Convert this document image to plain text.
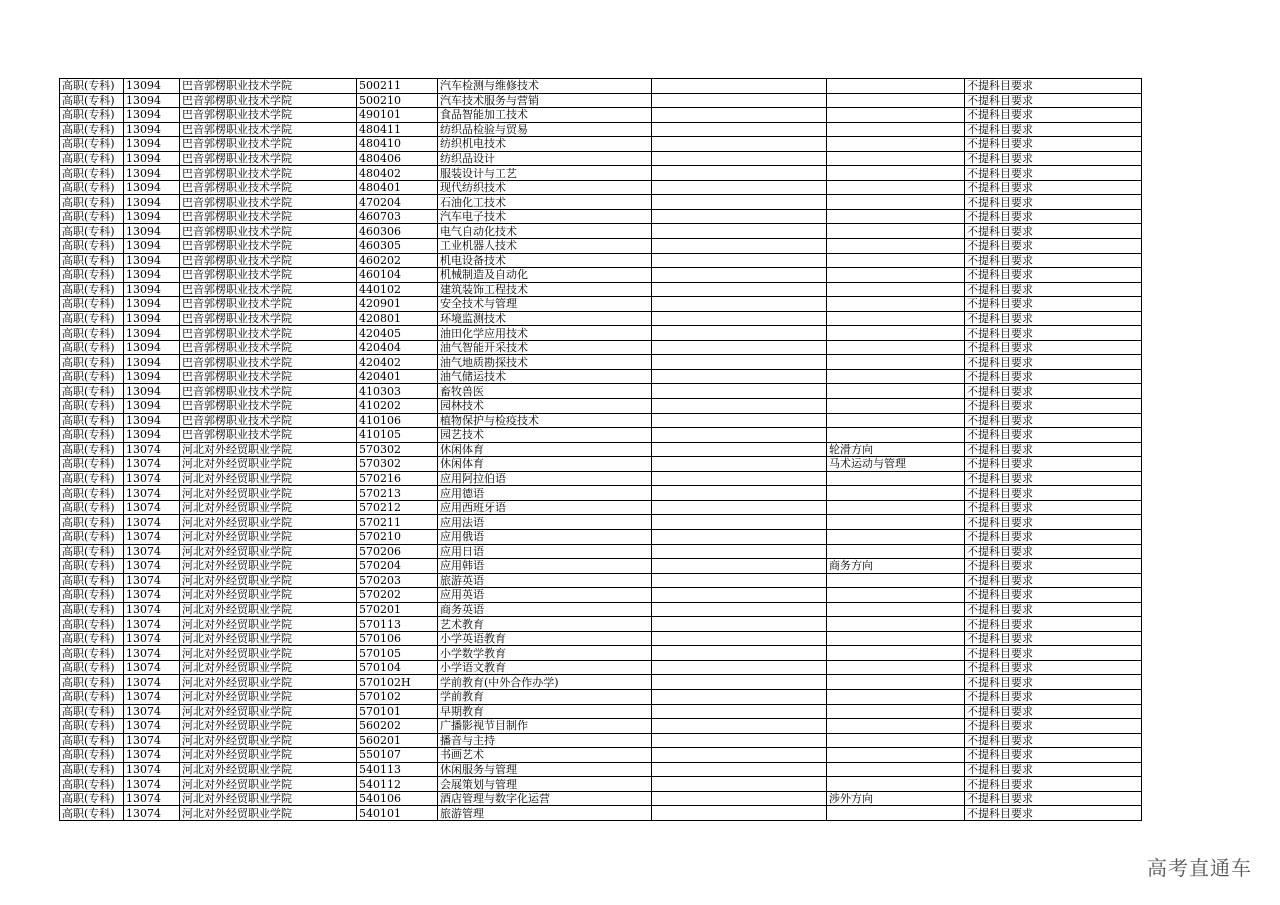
高职(专科)	13094	巴音郭楞职业技术学院	500211	汽车检测与维修技术			不提科目要求
高职(专科)	13094	巴音郭楞职业技术学院	500210	汽车技术服务与营销			不提科目要求
高职(专科)	13094	巴音郭楞职业技术学院	490101	食品智能加工技术			不提科目要求
高职(专科)	13094	巴音郭楞职业技术学院	480411	纺织品检验与贸易			不提科目要求
高职(专科)	13094	巴音郭楞职业技术学院	480410	纺织机电技术			不提科目要求
高职(专科)	13094	巴音郭楞职业技术学院	480406	纺织品设计			不提科目要求
高职(专科)	13094	巴音郭楞职业技术学院	480402	服装设计与工艺			不提科目要求
高职(专科)	13094	巴音郭楞职业技术学院	480401	现代纺织技术			不提科目要求
高职(专科)	13094	巴音郭楞职业技术学院	470204	石油化工技术			不提科目要求
高职(专科)	13094	巴音郭楞职业技术学院	460703	汽车电子技术			不提科目要求
高职(专科)	13094	巴音郭楞职业技术学院	460306	电气自动化技术			不提科目要求
高职(专科)	13094	巴音郭楞职业技术学院	460305	工业机器人技术			不提科目要求
高职(专科)	13094	巴音郭楞职业技术学院	460202	机电设备技术			不提科目要求
高职(专科)	13094	巴音郭楞职业技术学院	460104	机械制造及自动化			不提科目要求
高职(专科)	13094	巴音郭楞职业技术学院	440102	建筑装饰工程技术			不提科目要求
高职(专科)	13094	巴音郭楞职业技术学院	420901	安全技术与管理			不提科目要求
高职(专科)	13094	巴音郭楞职业技术学院	420801	环境监测技术			不提科目要求
高职(专科)	13094	巴音郭楞职业技术学院	420405	油田化学应用技术			不提科目要求
高职(专科)	13094	巴音郭楞职业技术学院	420404	油气智能开采技术			不提科目要求
高职(专科)	13094	巴音郭楞职业技术学院	420402	油气地质勘探技术			不提科目要求
高职(专科)	13094	巴音郭楞职业技术学院	420401	油气储运技术			不提科目要求
高职(专科)	13094	巴音郭楞职业技术学院	410303	畜牧兽医			不提科目要求
高职(专科)	13094	巴音郭楞职业技术学院	410202	园林技术			不提科目要求
高职(专科)	13094	巴音郭楞职业技术学院	410106	植物保护与检疫技术			不提科目要求
高职(专科)	13094	巴音郭楞职业技术学院	410105	园艺技术			不提科目要求
高职(专科)	13074	河北对外经贸职业学院	570302	休闲体育		轮滑方向	不提科目要求
高职(专科)	13074	河北对外经贸职业学院	570302	休闲体育		马术运动与管理	不提科目要求
高职(专科)	13074	河北对外经贸职业学院	570216	应用阿拉伯语			不提科目要求
高职(专科)	13074	河北对外经贸职业学院	570213	应用德语			不提科目要求
高职(专科)	13074	河北对外经贸职业学院	570212	应用西班牙语			不提科目要求
高职(专科)	13074	河北对外经贸职业学院	570211	应用法语			不提科目要求
高职(专科)	13074	河北对外经贸职业学院	570210	应用俄语			不提科目要求
高职(专科)	13074	河北对外经贸职业学院	570206	应用日语			不提科目要求
高职(专科)	13074	河北对外经贸职业学院	570204	应用韩语		商务方向	不提科目要求
高职(专科)	13074	河北对外经贸职业学院	570203	旅游英语			不提科目要求
高职(专科)	13074	河北对外经贸职业学院	570202	应用英语			不提科目要求
高职(专科)	13074	河北对外经贸职业学院	570201	商务英语			不提科目要求
高职(专科)	13074	河北对外经贸职业学院	570113	艺术教育			不提科目要求
高职(专科)	13074	河北对外经贸职业学院	570106	小学英语教育			不提科目要求
高职(专科)	13074	河北对外经贸职业学院	570105	小学数学教育			不提科目要求
高职(专科)	13074	河北对外经贸职业学院	570104	小学语文教育			不提科目要求
高职(专科)	13074	河北对外经贸职业学院	570102H	学前教育(中外合作办学)			不提科目要求
高职(专科)	13074	河北对外经贸职业学院	570102	学前教育			不提科目要求
高职(专科)	13074	河北对外经贸职业学院	570101	早期教育			不提科目要求
高职(专科)	13074	河北对外经贸职业学院	560202	广播影视节目制作			不提科目要求
高职(专科)	13074	河北对外经贸职业学院	560201	播音与主持			不提科目要求
高职(专科)	13074	河北对外经贸职业学院	550107	书画艺术			不提科目要求
高职(专科)	13074	河北对外经贸职业学院	540113	休闲服务与管理			不提科目要求
高职(专科)	13074	河北对外经贸职业学院	540112	会展策划与管理			不提科目要求
高职(专科)	13074	河北对外经贸职业学院	540106	酒店管理与数字化运营		涉外方向	不提科目要求
高职(专科)	13074	河北对外经贸职业学院	540101	旅游管理			不提科目要求
高考直通车
